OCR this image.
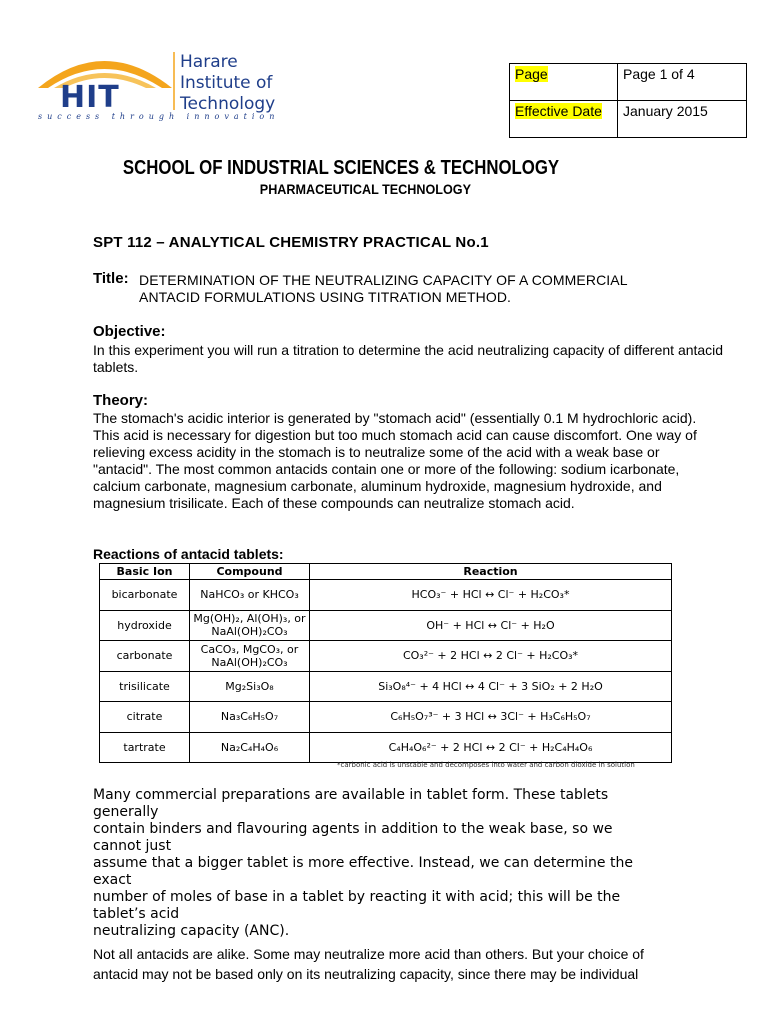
Harare
Institute of
Technology
HIT
success through innovation
Page	Page 1 of 4
Effective Date	January 2015
SCHOOL OF INDUSTRIAL SCIENCES & TECHNOLOGY
PHARMACEUTICAL TECHNOLOGY
SPT 112 – ANALYTICAL CHEMISTRY PRACTICAL No.1
Title: DETERMINATION OF THE NEUTRALIZING CAPACITY OF A COMMERCIAL
ANTACID FORMULATIONS USING TITRATION METHOD.
Objective:
In this experiment you will run a titration to determine the acid neutralizing capacity of different antacid tablets.
Theory:
The stomach's acidic interior is generated by "stomach acid" (essentially 0.1 M hydrochloric acid). This acid is necessary for digestion but too much stomach acid can cause discomfort. One way of relieving excess acidity in the stomach is to neutralize some of the acid with a weak base or "antacid". The most common antacids contain one or more of the following: sodium icarbonate, calcium carbonate, magnesium carbonate, aluminum hydroxide, magnesium hydroxide, and magnesium trisilicate. Each of these compounds can neutralize stomach acid.
Reactions of antacid tablets:
Basic Ion	Compound	Reaction
bicarbonate	NaHCO₃ or KHCO₃	HCO₃⁻ + HCl ↔ Cl⁻ + H₂CO₃*
hydroxide	Mg(OH)₂, Al(OH)₃, or NaAl(OH)₂CO₃	OH⁻ + HCl ↔ Cl⁻ + H₂O
carbonate	CaCO₃, MgCO₃, or NaAl(OH)₂CO₃	CO₃²⁻ + 2 HCl ↔ 2 Cl⁻ + H₂CO₃*
trisilicate	Mg₂Si₃O₈	Si₃O₈⁴⁻ + 4 HCl ↔ 4 Cl⁻ + 3 SiO₂ + 2 H₂O
citrate	Na₃C₆H₅O₇	C₆H₅O₇³⁻ + 3 HCl ↔ 3Cl⁻ + H₃C₆H₅O₇
tartrate	Na₂C₄H₄O₆	C₄H₄O₆²⁻ + 2 HCl ↔ 2 Cl⁻ + H₂C₄H₄O₆
*carbonic acid is unstable and decomposes into water and carbon dioxide in solution
Many commercial preparations are available in tablet form. These tablets
generally
contain binders and flavouring agents in addition to the weak base, so we
cannot just
assume that a bigger tablet is more effective. Instead, we can determine the
exact
number of moles of base in a tablet by reacting it with acid; this will be the
tablet’s acid
neutralizing capacity (ANC).
Not all antacids are alike. Some may neutralize more acid than others. But your choice of
antacid may not be based only on its neutralizing capacity, since there may be individual
